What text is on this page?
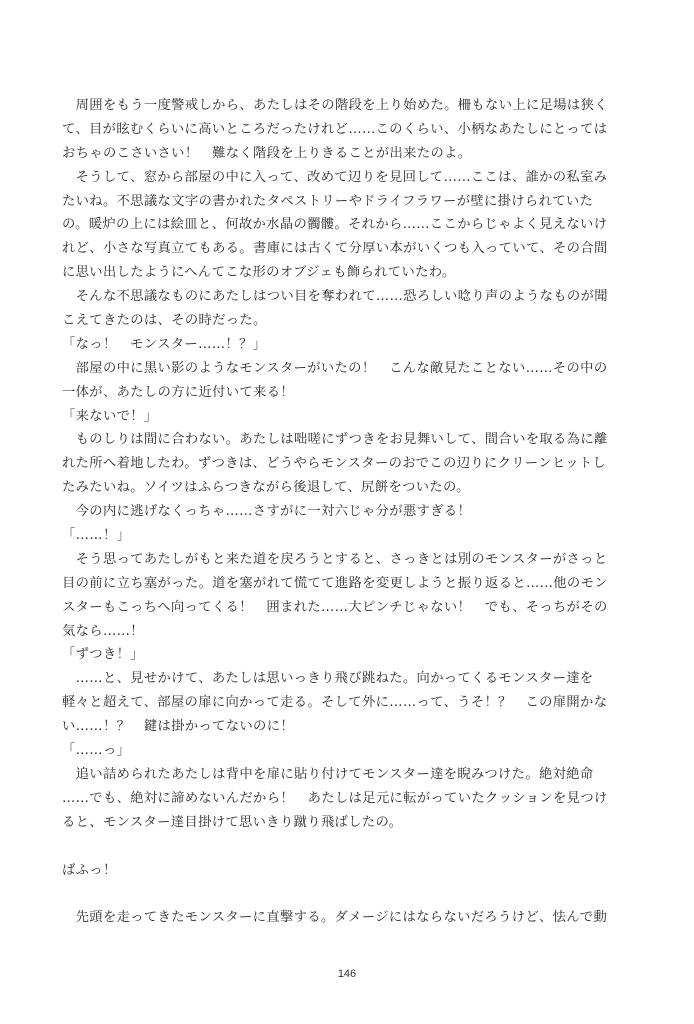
　周囲をもう一度警戒しから、あたしはその階段を上り始めた。柵もない上に足場は狭く
て、目が眩むくらいに高いところだったけれど……このくらい、小柄なあたしにとっては
おちゃのこさいさい！　難なく階段を上りきることが出来たのよ。
　そうして、窓から部屋の中に入って、改めて辺りを見回して……ここは、誰かの私室み
たいね。不思議な文字の書かれたタペストリーやドライフラワーが壁に掛けられていた
の。暖炉の上には絵皿と、何故か水晶の髑髏。それから……ここからじゃよく見えないけ
れど、小さな写真立てもある。書庫には古くて分厚い本がいくつも入っていて、その合間
に思い出したようにへんてこな形のオブジェも飾られていたわ。
　そんな不思議なものにあたしはつい目を奪われて……恐ろしい唸り声のようなものが聞
こえてきたのは、その時だった。
「なっ！　モンスター……！？」
　部屋の中に黒い影のようなモンスターがいたの！　こんな敵見たことない……その中の
一体が、あたしの方に近付いて来る！
「来ないで！」
　ものしりは間に合わない。あたしは咄嗟にずつきをお見舞いして、間合いを取る為に離
れた所へ着地したわ。ずつきは、どうやらモンスターのおでこの辺りにクリーンヒットし
たみたいね。ソイツはふらつきながら後退して、尻餅をついたの。
　今の内に逃げなくっちゃ……さすがに一対六じゃ分が悪すぎる！
「……！」
　そう思ってあたしがもと来た道を戻ろうとすると、さっきとは別のモンスターがさっと
目の前に立ち塞がった。道を塞がれて慌てて進路を変更しようと振り返ると……他のモン
スターもこっちへ向ってくる！　囲まれた……大ピンチじゃない！　でも、そっちがその
気なら……！
「ずつき！」
　……と、見せかけて、あたしは思いっきり飛び跳ねた。向かってくるモンスター達を
軽々と超えて、部屋の扉に向かって走る。そして外に……って、うそ！？　この扉開かな
い……！？　鍵は掛かってないのに！
「……っ」
　追い詰められたあたしは背中を扉に貼り付けてモンスター達を睨みつけた。絶対絶命
……でも、絶対に諦めないんだから！　あたしは足元に転がっていたクッションを見つけ
ると、モンスター達目掛けて思いきり蹴り飛ばしたの。
ばふっ！
　先頭を走ってきたモンスターに直撃する。ダメージにはならないだろうけど、怯んで動
146
